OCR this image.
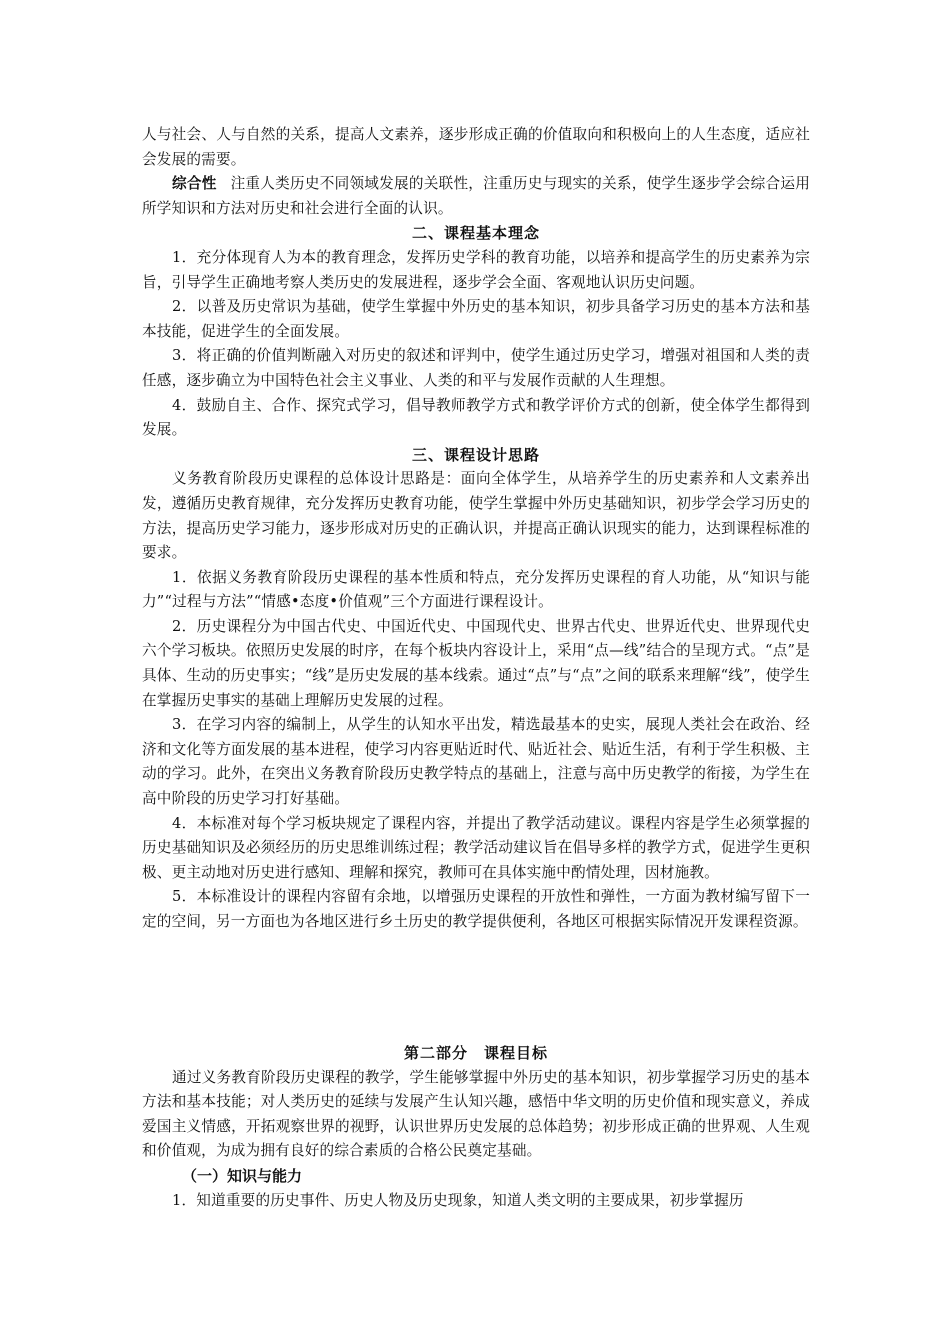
人与社会、人与自然的关系，提高人文素养，逐步形成正确的价值取向和积极向上的人生态度，适应社会发展的需要。

综合性 注重人类历史不同领域发展的关联性，注重历史与现实的关系，使学生逐步学会综合运用所学知识和方法对历史和社会进行全面的认识。

二、课程基本理念

1．充分体现育人为本的教育理念，发挥历史学科的教育功能，以培养和提高学生的历史素养为宗旨，引导学生正确地考察人类历史的发展进程，逐步学会全面、客观地认识历史问题。

2．以普及历史常识为基础，使学生掌握中外历史的基本知识，初步具备学习历史的基本方法和基本技能，促进学生的全面发展。

3．将正确的价值判断融入对历史的叙述和评判中，使学生通过历史学习，增强对祖国和人类的责任感，逐步确立为中国特色社会主义事业、人类的和平与发展作贡献的人生理想。

4．鼓励自主、合作、探究式学习，倡导教师教学方式和教学评价方式的创新，使全体学生都得到发展。

三、课程设计思路

义务教育阶段历史课程的总体设计思路是：面向全体学生，从培养学生的历史素养和人文素养出发，遵循历史教育规律，充分发挥历史教育功能，使学生掌握中外历史基础知识，初步学会学习历史的方法，提高历史学习能力，逐步形成对历史的正确认识，并提高正确认识现实的能力，达到课程标准的要求。

1．依据义务教育阶段历史课程的基本性质和特点，充分发挥历史课程的育人功能，从“知识与能力”“过程与方法”“情感•态度•价值观”三个方面进行课程设计。

2．历史课程分为中国古代史、中国近代史、中国现代史、世界古代史、世界近代史、世界现代史六个学习板块。依照历史发展的时序，在每个板块内容设计上，采用“点—线”结合的呈现方式。“点”是具体、生动的历史事实；“线”是历史发展的基本线索。通过“点”与“点”之间的联系来理解“线”，使学生在掌握历史事实的基础上理解历史发展的过程。

3．在学习内容的编制上，从学生的认知水平出发，精选最基本的史实，展现人类社会在政治、经济和文化等方面发展的基本进程，使学习内容更贴近时代、贴近社会、贴近生活，有利于学生积极、主动的学习。此外，在突出义务教育阶段历史教学特点的基础上，注意与高中历史教学的衔接，为学生在高中阶段的历史学习打好基础。

4．本标准对每个学习板块规定了课程内容，并提出了教学活动建议。课程内容是学生必须掌握的历史基础知识及必须经历的历史思维训练过程；教学活动建议旨在倡导多样的教学方式，促进学生更积极、更主动地对历史进行感知、理解和探究，教师可在具体实施中酌情处理，因材施教。

5．本标准设计的课程内容留有余地，以增强历史课程的开放性和弹性，一方面为教材编写留下一定的空间，另一方面也为各地区进行乡土历史的教学提供便利，各地区可根据实际情况开发课程资源。

第二部分　课程目标

通过义务教育阶段历史课程的教学，学生能够掌握中外历史的基本知识，初步掌握学习历史的基本方法和基本技能；对人类历史的延续与发展产生认知兴趣，感悟中华文明的历史价值和现实意义，养成爱国主义情感，开拓观察世界的视野，认识世界历史发展的总体趋势；初步形成正确的世界观、人生观和价值观，为成为拥有良好的综合素质的合格公民奠定基础。

（一）知识与能力

1．知道重要的历史事件、历史人物及历史现象，知道人类文明的主要成果，初步掌握历
